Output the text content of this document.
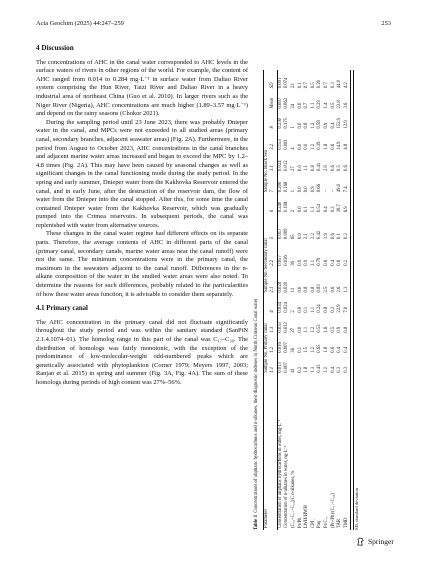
Acta Geochim (2025) 44:247–259	253
4 Discussion

The concentrations of AHC in the canal water corresponded to AHC levels in the surface waters of rivers in other regions of the world. For example, the content of AHC ranged from 0.014 to 0.284 mg·L⁻¹ in surface water from Daliao River system comprising the Hun River, Taizi River and Daliao River in a heavy industrial area of northeast China (Guo et al. 2010). In larger rivers such as the Niger River (Nigeria), AHC concentrations are much higher (1.89–3.57 mg·L⁻¹) and depend on the rainy seasons (Chokor 2021).

During the sampling period until 23 June 2023, there was probably Dnieper water in the canal, and MPCs were not exceeded in all studied areas (primary canal, secondary branches, adjacent seawater areas) (Fig. 2A). Furthermore, in the period from August to October 2023, AHC concentrations in the canal branches and adjacent marine water areas increased and began to exceed the MPC by 1.2–4.8 times (Fig. 2A). This may have been caused by seasonal changes as well as significant changes in the canal functioning mode during the study period. In the spring and early summer, Dnieper water from the Kakhovka Reservoir entered the canal, and in early June, after the destruction of the reservoir dam, the flow of water from the Dnieper into the canal stopped. After this, for some time the canal contained Dnieper water from the Kakhovka Reservoir, which was gradually pumped into the Crimea reservoirs. In subsequent periods, the canal was replenished with water from alternative sources.

These changes in the canal water regime had different effects on its separate parts. Therefore, the average contents of AHC in different parts of the canal (primary canal, secondary canals, marine water areas near the canal runoff) were not the same. The minimum concentrations were in the primary canal, the maximum in the seawaters adjacent to the canal runoff. Differences in the n-alkane composition of the water in the studied water areas were also noted. To determine the reasons for such differences, probably related to the particularities of how these water areas function, it is advisable to consider them separately.

4.1 Primary canal

The AHC concentration in the primary canal did not fluctuate significantly throughout the study period and was within the sanitary standard (SanPiN 2.1.4.1074–01). The homolog range in this part of the canal was C₁₇–C₃₉. The distribution of homologs was fairly monotonic, with the exception of the predominance of low-molecular-weight odd-numbered peaks which are genetically associated with phytoplankton (Corner 1979; Meyers 1997, 2003; Ranjan et al. 2015) in spring and summer (Fig. 3A, Fig. 4A). The sum of these homologs during periods of high content was 27%–56%.

Table 3  Concentrations of aliphatic hydrocarbons and n-alkanes, their diagnostic indexes in North Crimean Canal water
Parameter	Sample No. Primary canal				Sample No. Secondary canal				Sample No. Black Sea					
	1.1	1.2	1.3	4	2.1	2.2	5	6	7	3.1	3.2	8	Mean	SD
Concentration of aliphatic hydrocarbons in water, mg·L⁻¹	0.013	0.016	0.033	0.034	0.028	0.057	0.017	0.240	0.200	0.024	0.153	0.230	0.087	0.091
Concentration of n-alkanes in water, ng·L⁻¹	0.007	0.007	0.012	0.024	0.020	0.036	0.009	0.198	0.168	0.012	0.081	0.175	0.062	0.074
(C₁₅+C₁₇+C₁₉)/C n-alkanes, %	41	36	27	2	13	36	65	2	1	27	4	1	24	23
Pr/Ph	0.2	0.1	0.0	0.0	0.0	0.0	0.0	0.0	0.0	0.0	0.0	0.0	0.0	0.1
LWH/HWH	1.8	1.5	1.1	0.1	0.8	0.9	2.1	0.1	0.0	1.1	0.0	0.8	0.7	0.7
CPI₁	1.3	1.2	1.2	1.1	0.8	1.1	2.2	1.1	0.9	0.8	1.2	1.2	1.1	0.5
Paq	0.43	0.65	0.52	0.24	0.83	0.79	0.42	0.54	0.66	0.41	0.39	0.58	0.29	0.20
Pr/C₁₇	1.2	1.8	1.6	0.8	2.5	0.6	1.9	0.4	–	2.0	1.8	0.9	1.4	0.7
(Pr+Ph)/(C₁₇+C₁₈)	0.4	0.6	0.5	0.3	0.6	0.4	0.6	0.3	–	0.6	0.6	0.4	0.5	0.3
TAR	0.3	0.4	0.9	22.9	2.6	0.6	0.1	39.7	49.0	0.5	14.9	152.9	23.8	44.0
TMD	0.3	0.4	0.8	7.0	1.3	0.2	0.2	6.9	7.4	0.6	4.8	12.9	3.6	4.2
SD, standard deviation
Springer
